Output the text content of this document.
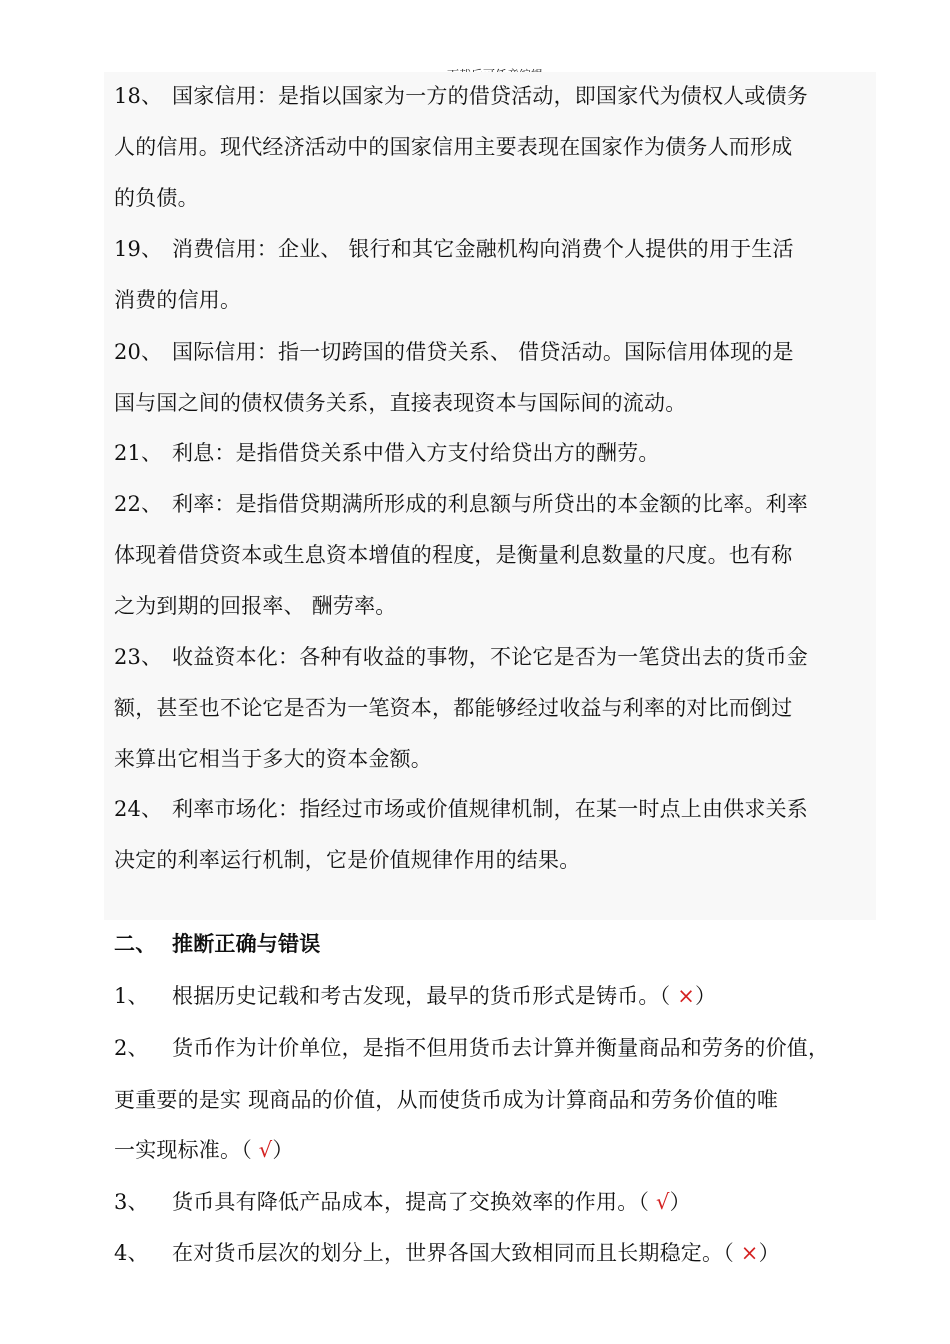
18、 国家信用：是指以国家为一方的借贷活动，即国家代为债权人或债务
人的信用。现代经济活动中的国家信用主要表现在国家作为债务人而形成
的负债。
19、 消费信用：企业、 银行和其它金融机构向消费个人提供的用于生活
消费的信用。
20、 国际信用：指一切跨国的借贷关系、 借贷活动。国际信用体现的是
国与国之间的债权债务关系，直接表现资本与国际间的流动。
21、 利息：是指借贷关系中借入方支付给贷出方的酬劳。
22、 利率：是指借贷期满所形成的利息额与所贷出的本金额的比率。利率
体现着借贷资本或生息资本增值的程度，是衡量利息数量的尺度。也有称
之为到期的回报率、 酬劳率。
23、 收益资本化：各种有收益的事物，不论它是否为一笔贷出去的货币金
额，甚至也不论它是否为一笔资本，都能够经过收益与利率的对比而倒过
来算出它相当于多大的资本金额。
24、 利率市场化：指经过市场或价值规律机制，在某一时点上由供求关系
决定的利率运行机制，它是价值规律作用的结果。
二、 推断正确与错误
1、 根据历史记载和考古发现，最早的货币形式是铸币。（ ×）
2、 货币作为计价单位，是指不但用货币去计算并衡量商品和劳务的价值，
更重要的是实 现商品的价值，从而使货币成为计算商品和劳务价值的唯
一实现标准。（ √）
3、 货币具有降低产品成本，提高了交换效率的作用。（ √）
4、 在对货币层次的划分上，世界各国大致相同而且长期稳定。（ ×）
